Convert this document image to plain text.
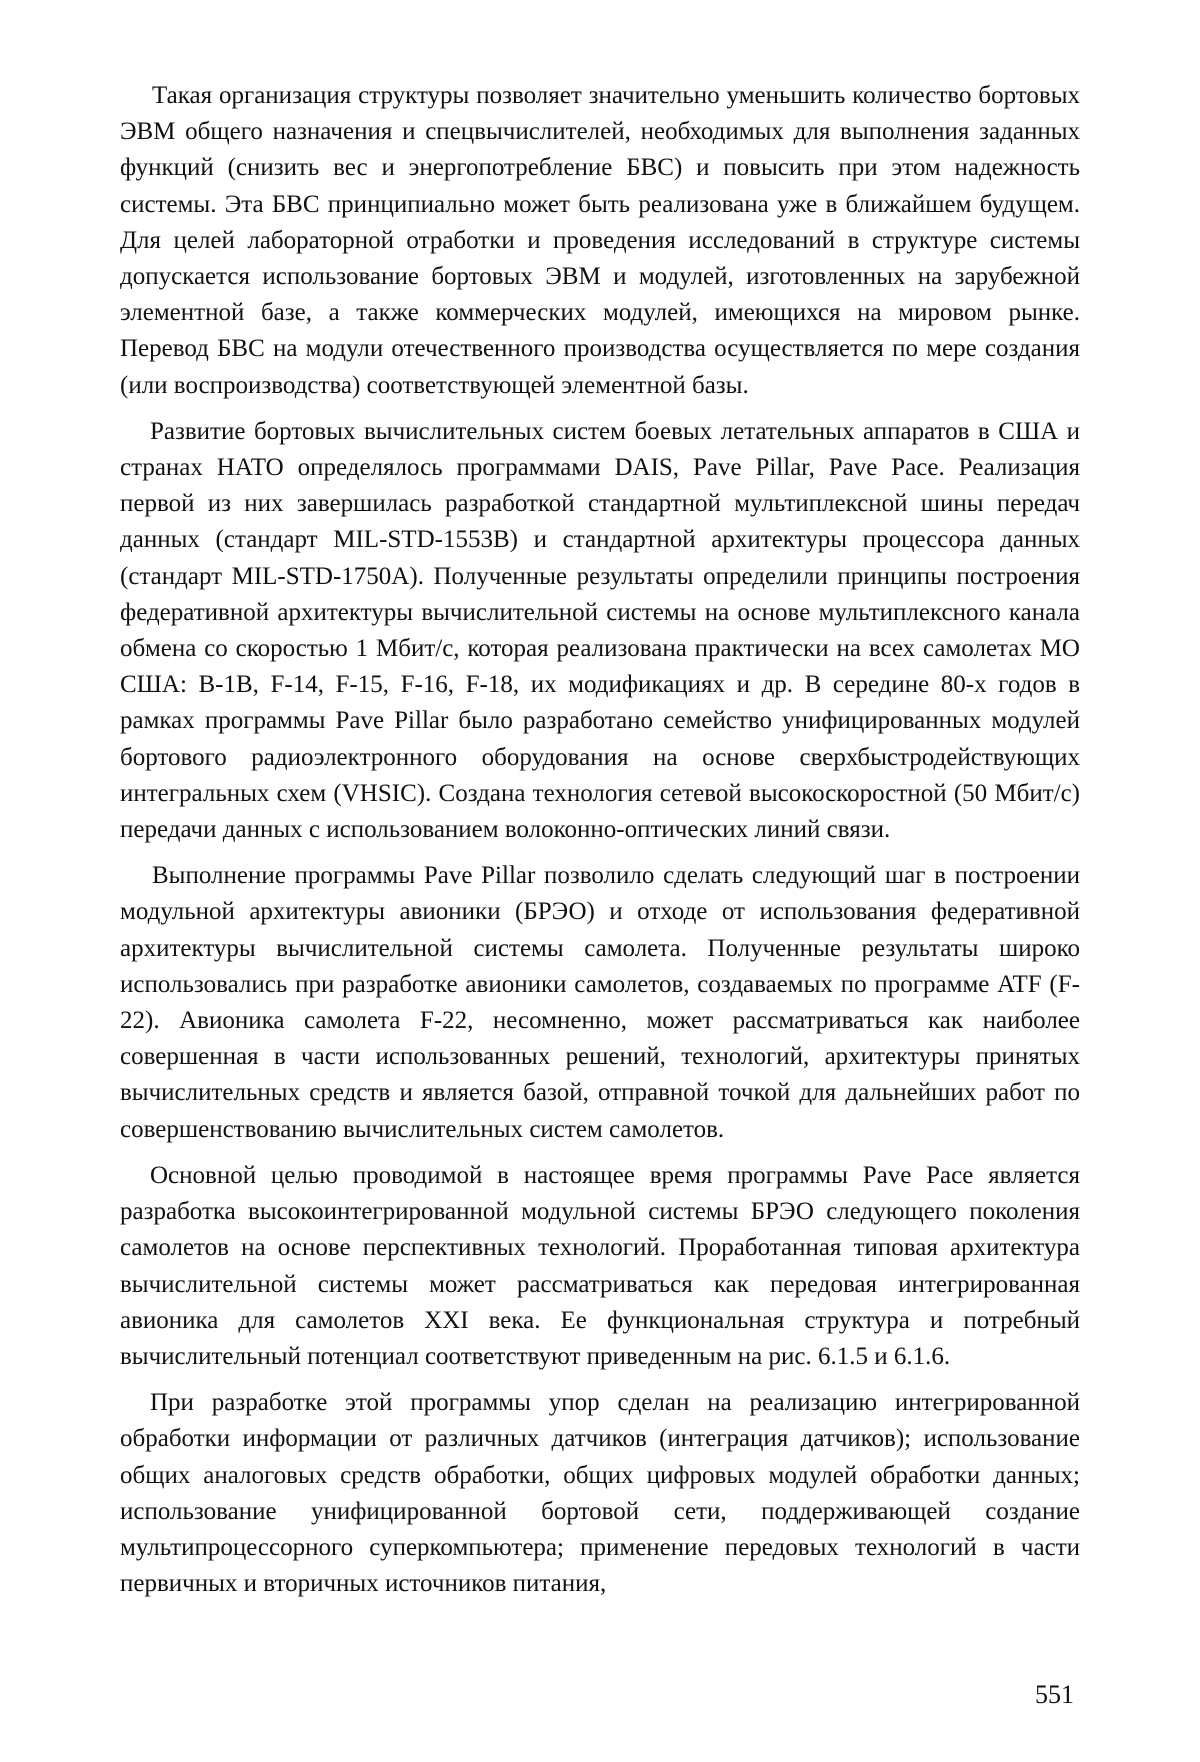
Такая организация структуры позволяет значительно уменьшить количество бортовых ЭВМ общего назначения и спецвычислителей, необходимых для выполнения заданных функций (снизить вес и энергопотребление БВС) и повысить при этом надежность системы. Эта БВС принципиально может быть реализована уже в ближайшем будущем. Для целей лабораторной отработки и проведения исследований в структуре системы допускается использование бортовых ЭВМ и модулей, изготовленных на зарубежной элементной базе, а также коммерческих модулей, имеющихся на мировом рынке. Перевод БВС на модули отечественного производства осуществляется по мере создания (или воспроизводства) соответствующей элементной базы.

Развитие бортовых вычислительных систем боевых летательных аппаратов в США и странах НАТО определялось программами DAIS, Pave Pillar, Pave Pace. Реализация первой из них завершилась разработкой стандартной мультиплексной шины передач данных (стандарт MIL-STD-1553B) и стандартной архитектуры процессора данных (стандарт MIL-STD-1750A). Полученные результаты определили принципы построения федеративной архитектуры вычислительной системы на основе мультиплексного канала обмена со скоростью 1 Мбит/с, которая реализована практически на всех самолетах МО США: B-1B, F-14, F-15, F-16, F-18, их модификациях и др. В середине 80-х годов в рамках программы Pave Pillar было разработано семейство унифицированных модулей бортового радиоэлектронного оборудования на основе сверхбыстродействующих интегральных схем (VHSIC). Создана технология сетевой высокоскоростной (50 Мбит/с) передачи данных с использованием волоконно-оптических линий связи.

Выполнение программы Pave Pillar позволило сделать следующий шаг в построении модульной архитектуры авионики (БРЭО) и отходе от использования федеративной архитектуры вычислительной системы самолета. Полученные результаты широко использовались при разработке авионики самолетов, создаваемых по программе ATF (F-22). Авионика самолета F-22, несомненно, может рассматриваться как наиболее совершенная в части использованных решений, технологий, архитектуры принятых вычислительных средств и является базой, отправной точкой для дальнейших работ по совершенствованию вычислительных систем самолетов.

Основной целью проводимой в настоящее время программы Pave Pace является разработка высокоинтегрированной модульной системы БРЭО следующего поколения самолетов на основе перспективных технологий. Проработанная типовая архитектура вычислительной системы может рассматриваться как передовая интегрированная авионика для самолетов XXI века. Ее функциональная структура и потребный вычислительный потенциал соответствуют приведенным на рис. 6.1.5 и 6.1.6.

При разработке этой программы упор сделан на реализацию интегрированной обработки информации от различных датчиков (интеграция датчиков); использование общих аналоговых средств обработки, общих цифровых модулей обработки данных; использование унифицированной бортовой сети, поддерживающей создание мультипроцессорного суперкомпьютера; применение передовых технологий в части первичных и вторичных источников питания,

551
